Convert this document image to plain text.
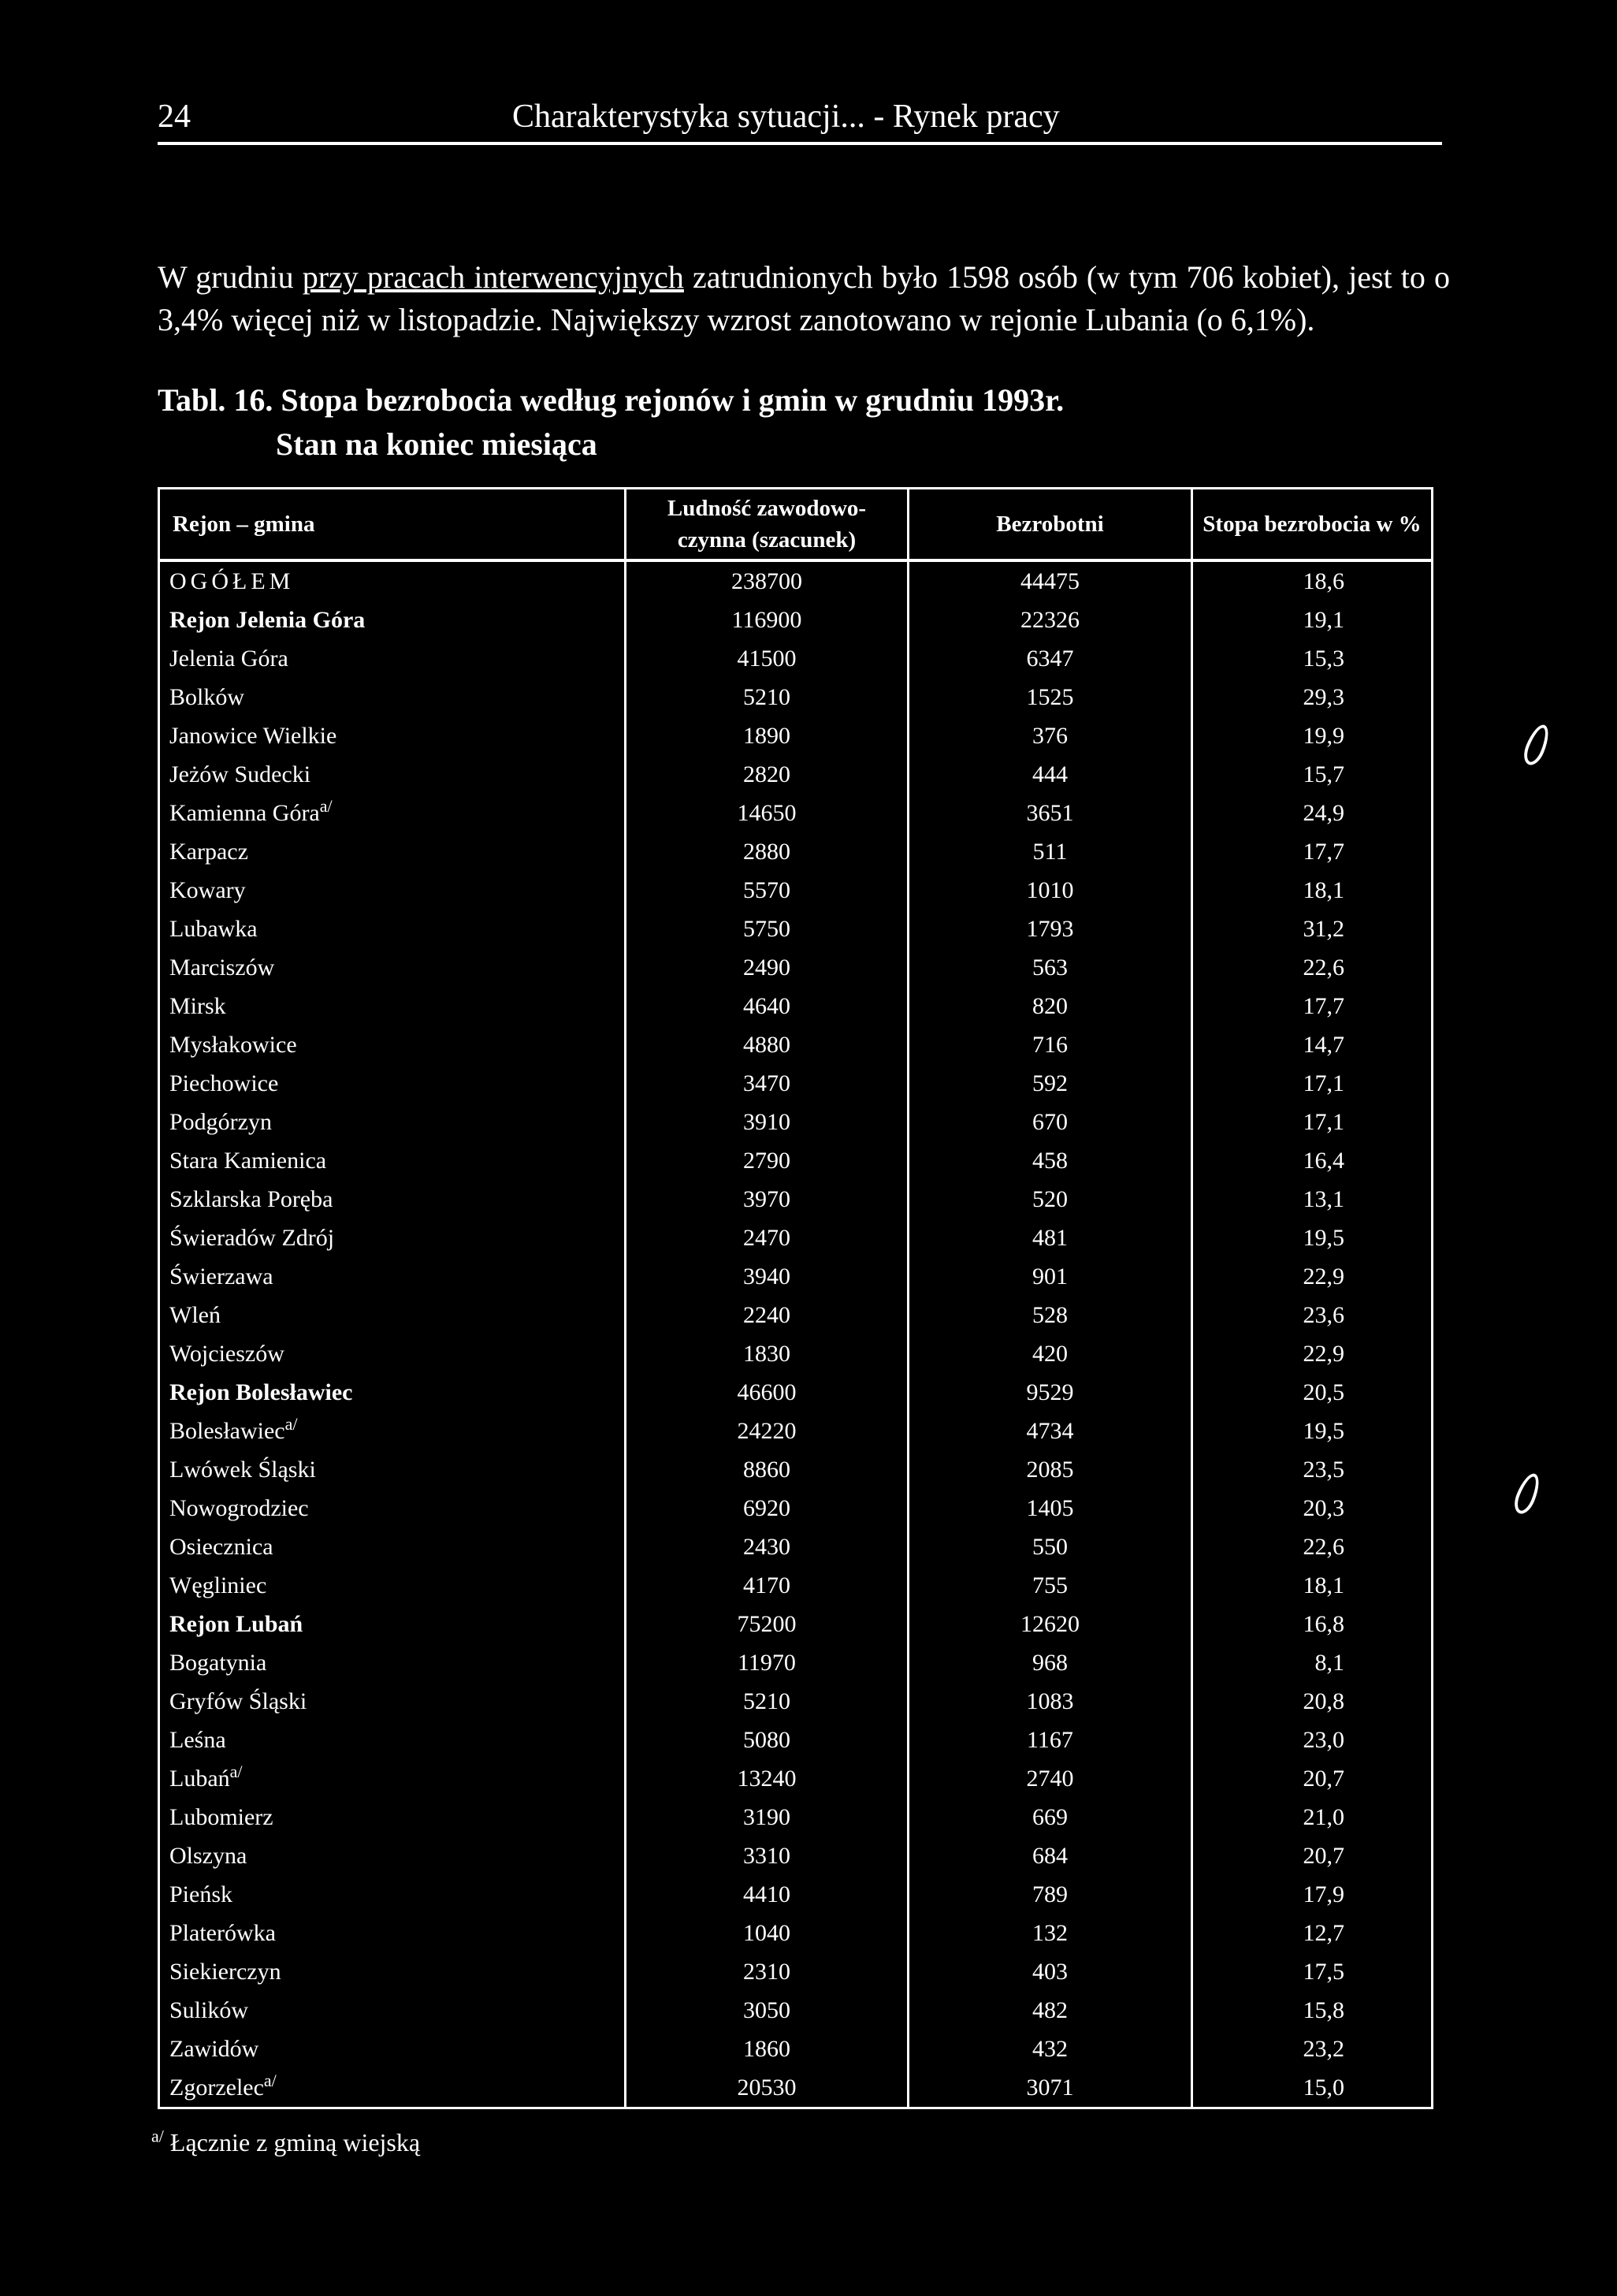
24	Charakterystyka sytuacji... - Rynek pracy
W grudniu przy pracach interwencyjnych zatrudnionych było 1598 osób (w tym 706 kobiet), jest to o 3,4% więcej niż w listopadzie. Największy wzrost zanotowano w rejonie Lubania (o 6,1%).
Tabl. 16. Stopa bezrobocia według rejonów i gmin w grudniu 1993r.
Stan na koniec miesiąca
Rejon – gmina	Ludność zawodowo-czynna (szacunek)	Bezrobotni	Stopa bezrobocia w %
OGÓŁEM	238700	44475	18,6
Rejon Jelenia Góra	116900	22326	19,1
Jelenia Góra	41500	6347	15,3
Bolków	5210	1525	29,3
Janowice Wielkie	1890	376	19,9
Jeżów Sudecki	2820	444	15,7
Kamienna Góra$^{a/}$	14650	3651	24,9
Karpacz	2880	511	17,7
Kowary	5570	1010	18,1
Lubawka	5750	1793	31,2
Marciszów	2490	563	22,6
Mirsk	4640	820	17,7
Mysłakowice	4880	716	14,7
Piechowice	3470	592	17,1
Podgórzyn	3910	670	17,1
Stara Kamienica	2790	458	16,4
Szklarska Poręba	3970	520	13,1
Świeradów Zdrój	2470	481	19,5
Świerzawa	3940	901	22,9
Wleń	2240	528	23,6
Wojcieszów	1830	420	22,9
Rejon Bolesławiec	46600	9529	20,5
Bolesławiec$^{a/}$	24220	4734	19,5
Lwówek Śląski	8860	2085	23,5
Nowogrodziec	6920	1405	20,3
Osiecznica	2430	550	22,6
Węgliniec	4170	755	18,1
Rejon Lubań	75200	12620	16,8
Bogatynia	11970	968	8,1
Gryfów Śląski	5210	1083	20,8
Leśna	5080	1167	23,0
Lubań$^{a/}$	13240	2740	20,7
Lubomierz	3190	669	21,0
Olszyna	3310	684	20,7
Pieńsk	4410	789	17,9
Platerówka	1040	132	12,7
Siekierczyn	2310	403	17,5
Sulików	3050	482	15,8
Zawidów	1860	432	23,2
Zgorzelec$^{a/}$	20530	3071	15,0
$^{a/}$ Łącznie z gminą wiejską
